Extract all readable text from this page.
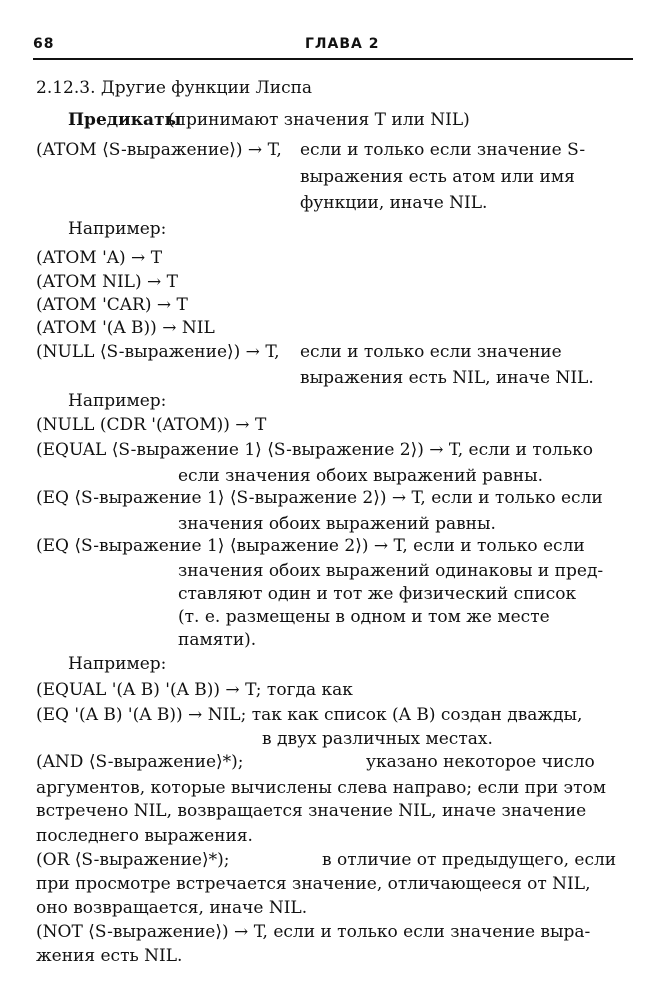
68	ГЛАВА 2
2.12.3. Другие функции Лиспа
Предикаты
(принимают значения T или NIL)
(ATOM ⟨S-выражение⟩) → T, если и только если значение S-
выражения есть атом или имя
функции, иначе NIL.
Например:
(ATOM 'A) → T
(ATOM NIL) → T
(ATOM 'CAR) → T
(ATOM '(A B)) → NIL
(NULL ⟨S-выражение⟩) → T, если и только если значение
выражения есть NIL, иначе NIL.
Например:
(NULL (CDR '(ATOM)) → T
(EQUAL ⟨S-выражение 1⟩ ⟨S-выражение 2⟩) → T, если и только
если значения обоих выражений равны.
(EQ ⟨S-выражение 1⟩ ⟨S-выражение 2⟩) → T, если и только если
значения обоих выражений равны.
(EQ ⟨S-выражение 1⟩ ⟨выражение 2⟩) → T, если и только если
значения обоих выражений одинаковы и пред-
ставляют один и тот же физический список
(т. е. размещены в одном и том же месте
памяти).
Например:
(EQUAL '(A B) '(A B)) → T; тогда как
(EQ '(A B) '(A B)) → NIL; так как список (A B) создан дважды,
в двух различных местах.
(AND ⟨S-выражение⟩*);	указано некоторое число
аргументов, которые вычислены слева направо; если при этом
встречено NIL, возвращается значение NIL, иначе значение
последнего выражения.
(OR ⟨S-выражение⟩*);	в отличие от предыдущего, если
при просмотре встречается значение, отличающееся от NIL,
оно возвращается, иначе NIL.
(NOT ⟨S-выражение⟩) → T, если и только если значение выра-
жения есть NIL.
